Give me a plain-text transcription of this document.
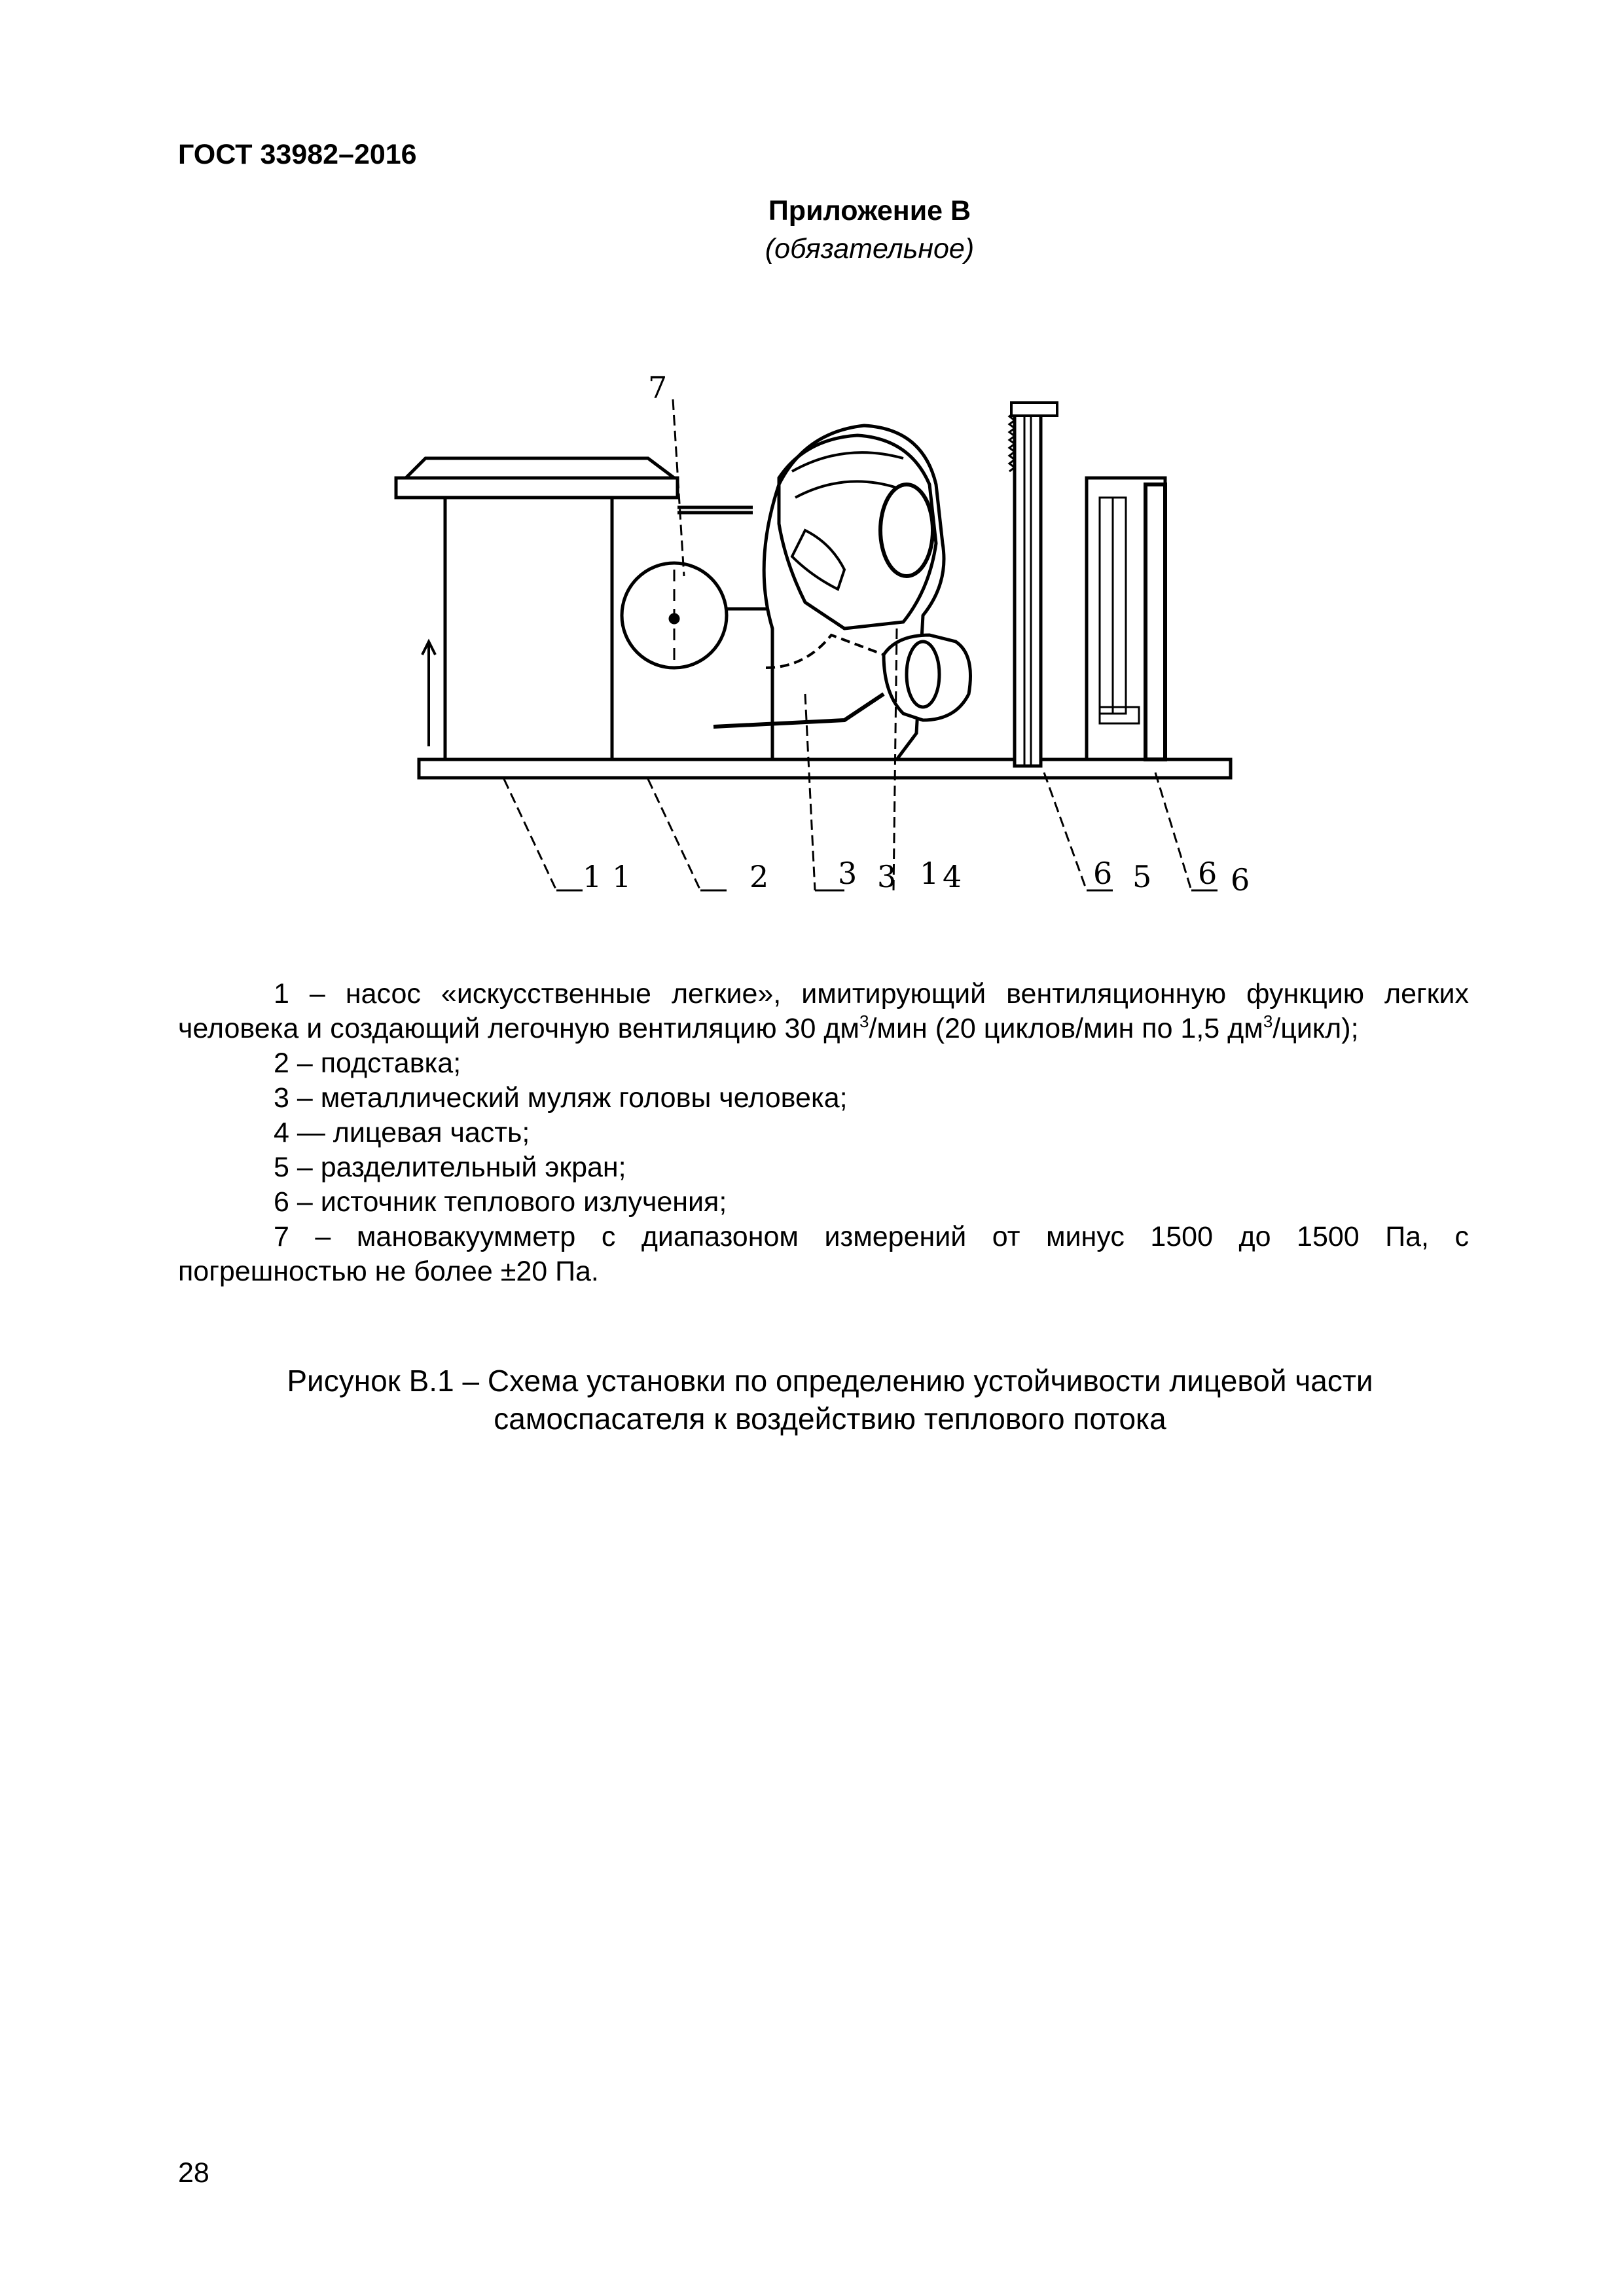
ГОСТ 33982–2016
Приложение В
(обязательное)
1 1	2 3 3 1 4	6 5 6 6
7

1 – насос «искусственные легкие», имитирующий вентиляционную функцию легких

человека и создающий легочную вентиляцию 30 $дм^3$/мин (20 циклов/мин по 1,5 $дм^3/цикл$);

2 – подставка;

3 – металлический муляж головы человека;

4 — лицевая часть;

5 – разделительный экран;

6 – источник теплового излучения;

7 – мановакуумметр с диапазоном измерений от минус 1500 до 1500 Па, с

погрешностью не более ±20 Па.

Рисунок В.1 – Схема установки по определению устойчивости лицевой части
самоспасателя к воздействию теплового потока
28
